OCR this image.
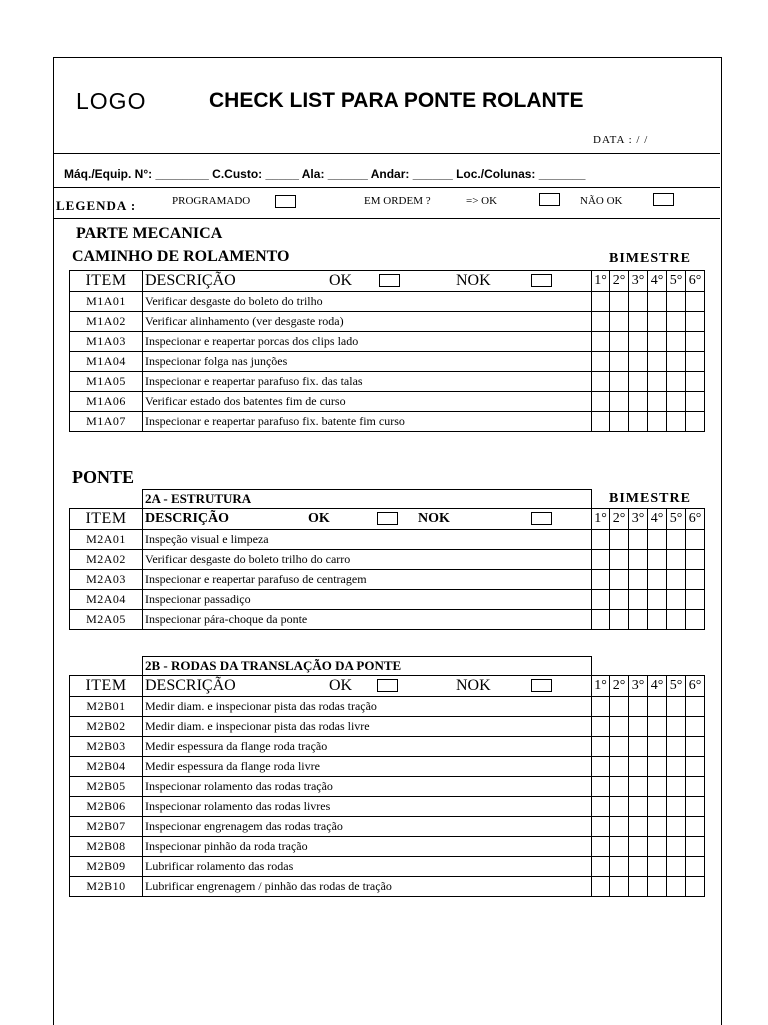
LOGO	CHECK LIST PARA PONTE ROLANTE
DATA : / /
Máq./Equip. N°: ________ C.Custo: _____ Ala: ______ Andar: ______ Loc./Colunas: _______
LEGENDA :	PROGRAMADO	EM ORDEM ?	=> OK	NÃO OK
PARTE MECANICA
CAMINHO DE ROLAMENTO	BIMESTRE
ITEM	DESCRIÇÃO OK NOK	1°	2°	3°	4°	5°	6°
M1A01	Verificar desgaste do boleto do trilho						
M1A02	Verificar alinhamento (ver desgaste roda)						
M1A03	Inspecionar e reapertar porcas dos clips lado						
M1A04	Inspecionar folga nas junções						
M1A05	Inspecionar e reapertar parafuso fix. das talas						
M1A06	Verificar estado dos batentes fim de curso						
M1A07	Inspecionar e reapertar parafuso fix. batente fim curso						
PONTE
BIMESTRE
	2A - ESTRUTURA						
ITEM	DESCRIÇÃO OK NOK	1°	2°	3°	4°	5°	6°
M2A01	Inspeção visual e limpeza						
M2A02	Verificar desgaste do boleto trilho do carro						
M2A03	Inspecionar e reapertar parafuso de centragem						
M2A04	Inspecionar passadiço						
M2A05	Inspecionar pára-choque da ponte						
	2B - RODAS DA TRANSLAÇÃO DA PONTE						
ITEM	DESCRIÇÃO OK NOK	1°	2°	3°	4°	5°	6°
M2B01	Medir diam. e inspecionar pista das rodas tração						
M2B02	Medir diam. e inspecionar pista das rodas livre						
M2B03	Medir espessura da flange roda tração						
M2B04	Medir espessura da flange roda livre						
M2B05	Inspecionar rolamento das rodas tração						
M2B06	Inspecionar rolamento das rodas livres						
M2B07	Inspecionar engrenagem das rodas tração						
M2B08	Inspecionar pinhão da roda tração						
M2B09	Lubrificar rolamento das rodas						
M2B10	Lubrificar engrenagem / pinhão das rodas de tração						
